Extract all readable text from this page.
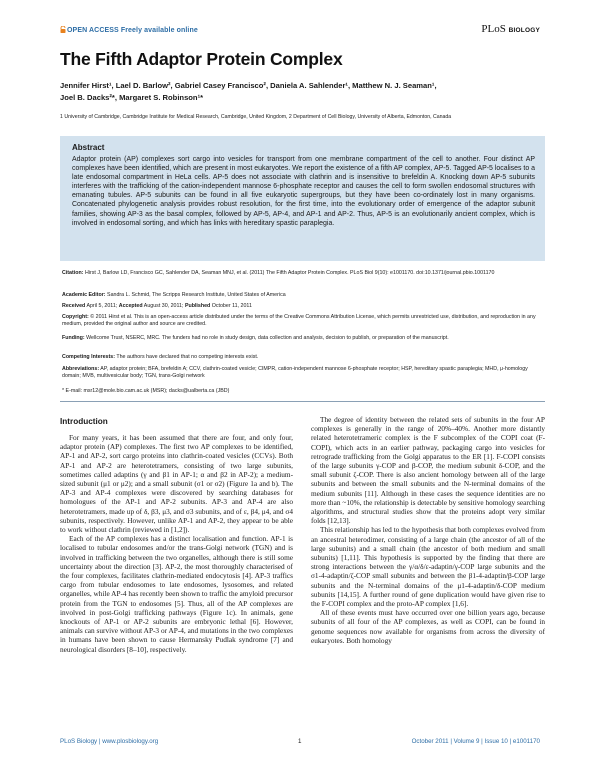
OPEN ACCESS Freely available online	PLoS BIOLOGY
The Fifth Adaptor Protein Complex
Jennifer Hirst¹, Lael D. Barlow², Gabriel Casey Francisco², Daniela A. Sahlender¹, Matthew N. J. Seaman¹,
Joel B. Dacks²*, Margaret S. Robinson¹*
1 University of Cambridge, Cambridge Institute for Medical Research, Cambridge, United Kingdom, 2 Department of Cell Biology, University of Alberta, Edmonton, Canada
Abstract
Adaptor protein (AP) complexes sort cargo into vesicles for transport from one membrane compartment of the cell to another. Four distinct AP complexes have been identified, which are present in most eukaryotes. We report the existence of a fifth AP complex, AP-5. Tagged AP-5 localises to a late endosomal compartment in HeLa cells. AP-5 does not associate with clathrin and is insensitive to brefeldin A. Knocking down AP-5 subunits interferes with the trafficking of the cation-independent mannose 6-phosphate receptor and causes the cell to form swollen endosomal structures with emanating tubules. AP-5 subunits can be found in all five eukaryotic supergroups, but they have been co-ordinately lost in many organisms. Concatenated phylogenetic analysis provides robust resolution, for the first time, into the evolutionary order of emergence of the adaptor subunit families, showing AP-3 as the basal complex, followed by AP-5, AP-4, and AP-1 and AP-2. Thus, AP-5 is an evolutionarily ancient complex, which is involved in endosomal sorting, and which has links with hereditary spastic paraplegia.
Citation: Hirst J, Barlow LD, Francisco GC, Sahlender DA, Seaman MNJ, et al. (2011) The Fifth Adaptor Protein Complex. PLoS Biol 9(10): e1001170. doi:10.1371/journal.pbio.1001170
Academic Editor: Sandra L. Schmid, The Scripps Research Institute, United States of America
Received April 5, 2011; Accepted August 30, 2011; Published October 11, 2011
Copyright: © 2011 Hirst et al. This is an open-access article distributed under the terms of the Creative Commons Attribution License, which permits unrestricted use, distribution, and reproduction in any medium, provided the original author and source are credited.
Funding: Wellcome Trust, NSERC, MRC. The funders had no role in study design, data collection and analysis, decision to publish, or preparation of the manuscript.
Competing Interests: The authors have declared that no competing interests exist.
Abbreviations: AP, adaptor protein; BFA, brefeldin A; CCV, clathrin-coated vesicle; CIMPR, cation-independent mannose 6-phosphate receptor; HSP, hereditary spastic paraplegia; MHD, μ-homology domain; MVB, multivesicular body; TGN, trans-Golgi network
* E-mail: msr12@mole.bio.cam.ac.uk (MSR); dacks@ualberta.ca (JBD)
Introduction

For many years, it has been assumed that there are four, and only four, adaptor protein (AP) complexes. The first two AP complexes to be identified, AP-1 and AP-2, sort cargo proteins into clathrin-coated vesicles (CCVs). Both AP-1 and AP-2 are heterotetramers, consisting of two large subunits, sometimes called adaptins (γ and β1 in AP-1; α and β2 in AP-2); a medium-sized subunit (μ1 or μ2); and a small subunit (σ1 or σ2) (Figure 1a and b). The AP-3 and AP-4 complexes were discovered by searching databases for homologues of the AP-1 and AP-2 subunits. AP-3 and AP-4 are also heterotetramers, made up of δ, β3, μ3, and σ3 subunits, and of ε, β4, μ4, and σ4 subunits, respectively. However, unlike AP-1 and AP-2, they appear to be able to work without clathrin (reviewed in [1,2]).

Each of the AP complexes has a distinct localisation and function. AP-1 is localised to tubular endosomes and/or the trans-Golgi network (TGN) and is involved in trafficking between the two organelles, although there is still some uncertainty about the direction [3]. AP-2, the most thoroughly characterised of the four complexes, facilitates clathrin-mediated endocytosis [4]. AP-3 traffics cargo from tubular endosomes to late endosomes, lysosomes, and related organelles, while AP-4 has recently been shown to traffic the amyloid precursor protein from the TGN to endosomes [5]. Thus, all of the AP complexes are involved in post-Golgi trafficking pathways (Figure 1c). In animals, gene knockouts of AP-1 or AP-2 subunits are embryonic lethal [6]. However, animals can survive without AP-3 or AP-4, and mutations in the two complexes in humans have been shown to cause Hermansky Pudlak syndrome [7] and neurological disorders [8–10], respectively.

The degree of identity between the related sets of subunits in the four AP complexes is generally in the range of 20%–40%. Another more distantly related heterotetrameric complex is the F subcomplex of the COPI coat (F-COPI), which acts in an earlier pathway, packaging cargo into vesicles for retrograde trafficking from the Golgi apparatus to the ER [1]. F-COPI consists of the large subunits γ-COP and β-COP, the medium subunit δ-COP, and the small subunit ζ-COP. There is also ancient homology between all of the large subunits and between the small subunits and the N-terminal domains of the medium subunits [11]. Although in these cases the sequence identities are no more than ~10%, the relationship is detectable by sensitive homology searching algorithms, and structural studies show that the proteins adopt very similar folds [12,13].

This relationship has led to the hypothesis that both complexes evolved from an ancestral heterodimer, consisting of a large chain (the ancestor of all of the large subunits) and a small chain (the ancestor of both medium and small subunits) [1,11]. This hypothesis is supported by the finding that there are strong interactions between the γ/α/δ/ε-adaptin/γ-COP large subunits and the σ1-4-adaptin/ζ-COP small subunits and between the β1-4-adaptin/β-COP large subunits and the N-terminal domains of the μ1-4-adaptin/δ-COP medium subunits [14,15]. A further round of gene duplication would have given rise to the F-COPI complex and the proto-AP complex [1,6].

All of these events must have occurred over one billion years ago, because subunits of all four of the AP complexes, as well as COPI, can be found in genome sequences now available for organisms from across the diversity of eukaryotes. Both homology

PLoS Biology | www.plosbiology.org	1	October 2011 | Volume 9 | Issue 10 | e1001170
